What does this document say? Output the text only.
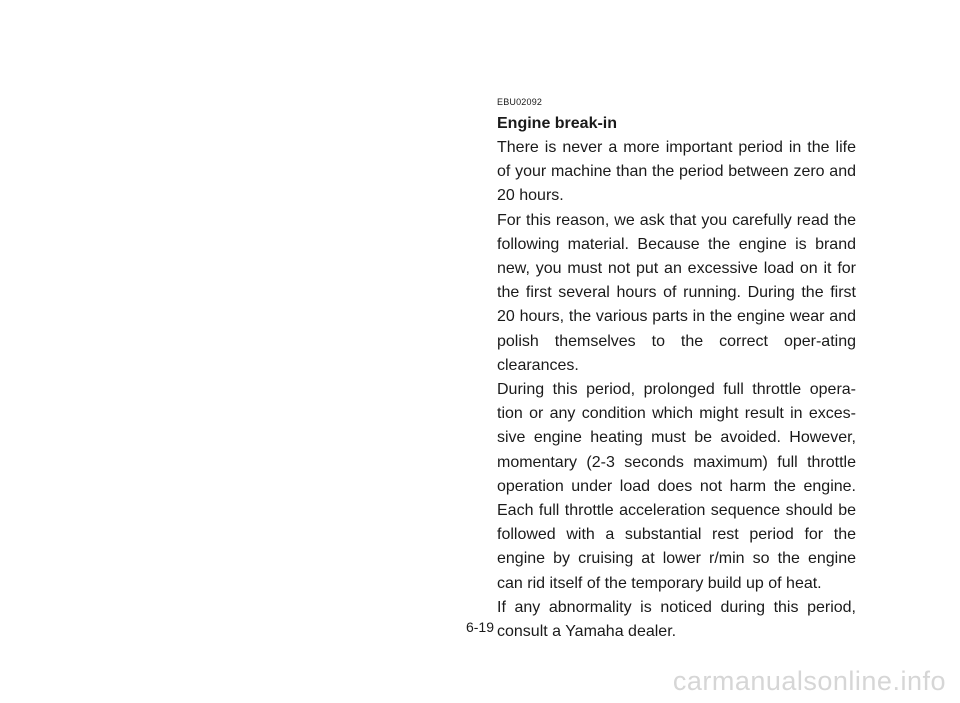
EBU02092
Engine break-in

There is never a more important period in the life of your machine than the period between zero and 20 hours.

For this reason, we ask that you carefully read the following material. Because the engine is brand new, you must not put an excessive load on it for the first several hours of running. During the first 20 hours, the various parts in the engine wear and polish themselves to the correct oper-ating clearances.

During this period, prolonged full throttle opera-tion or any condition which might result in exces-sive engine heating must be avoided. However, momentary (2-3 seconds maximum) full throttle operation under load does not harm the engine. Each full throttle acceleration sequence should be followed with a substantial rest period for the engine by cruising at lower r/min so the engine can rid itself of the temporary build up of heat.

If any abnormality is noticed during this period, consult a Yamaha dealer.

6-19
carmanualsonline.info
